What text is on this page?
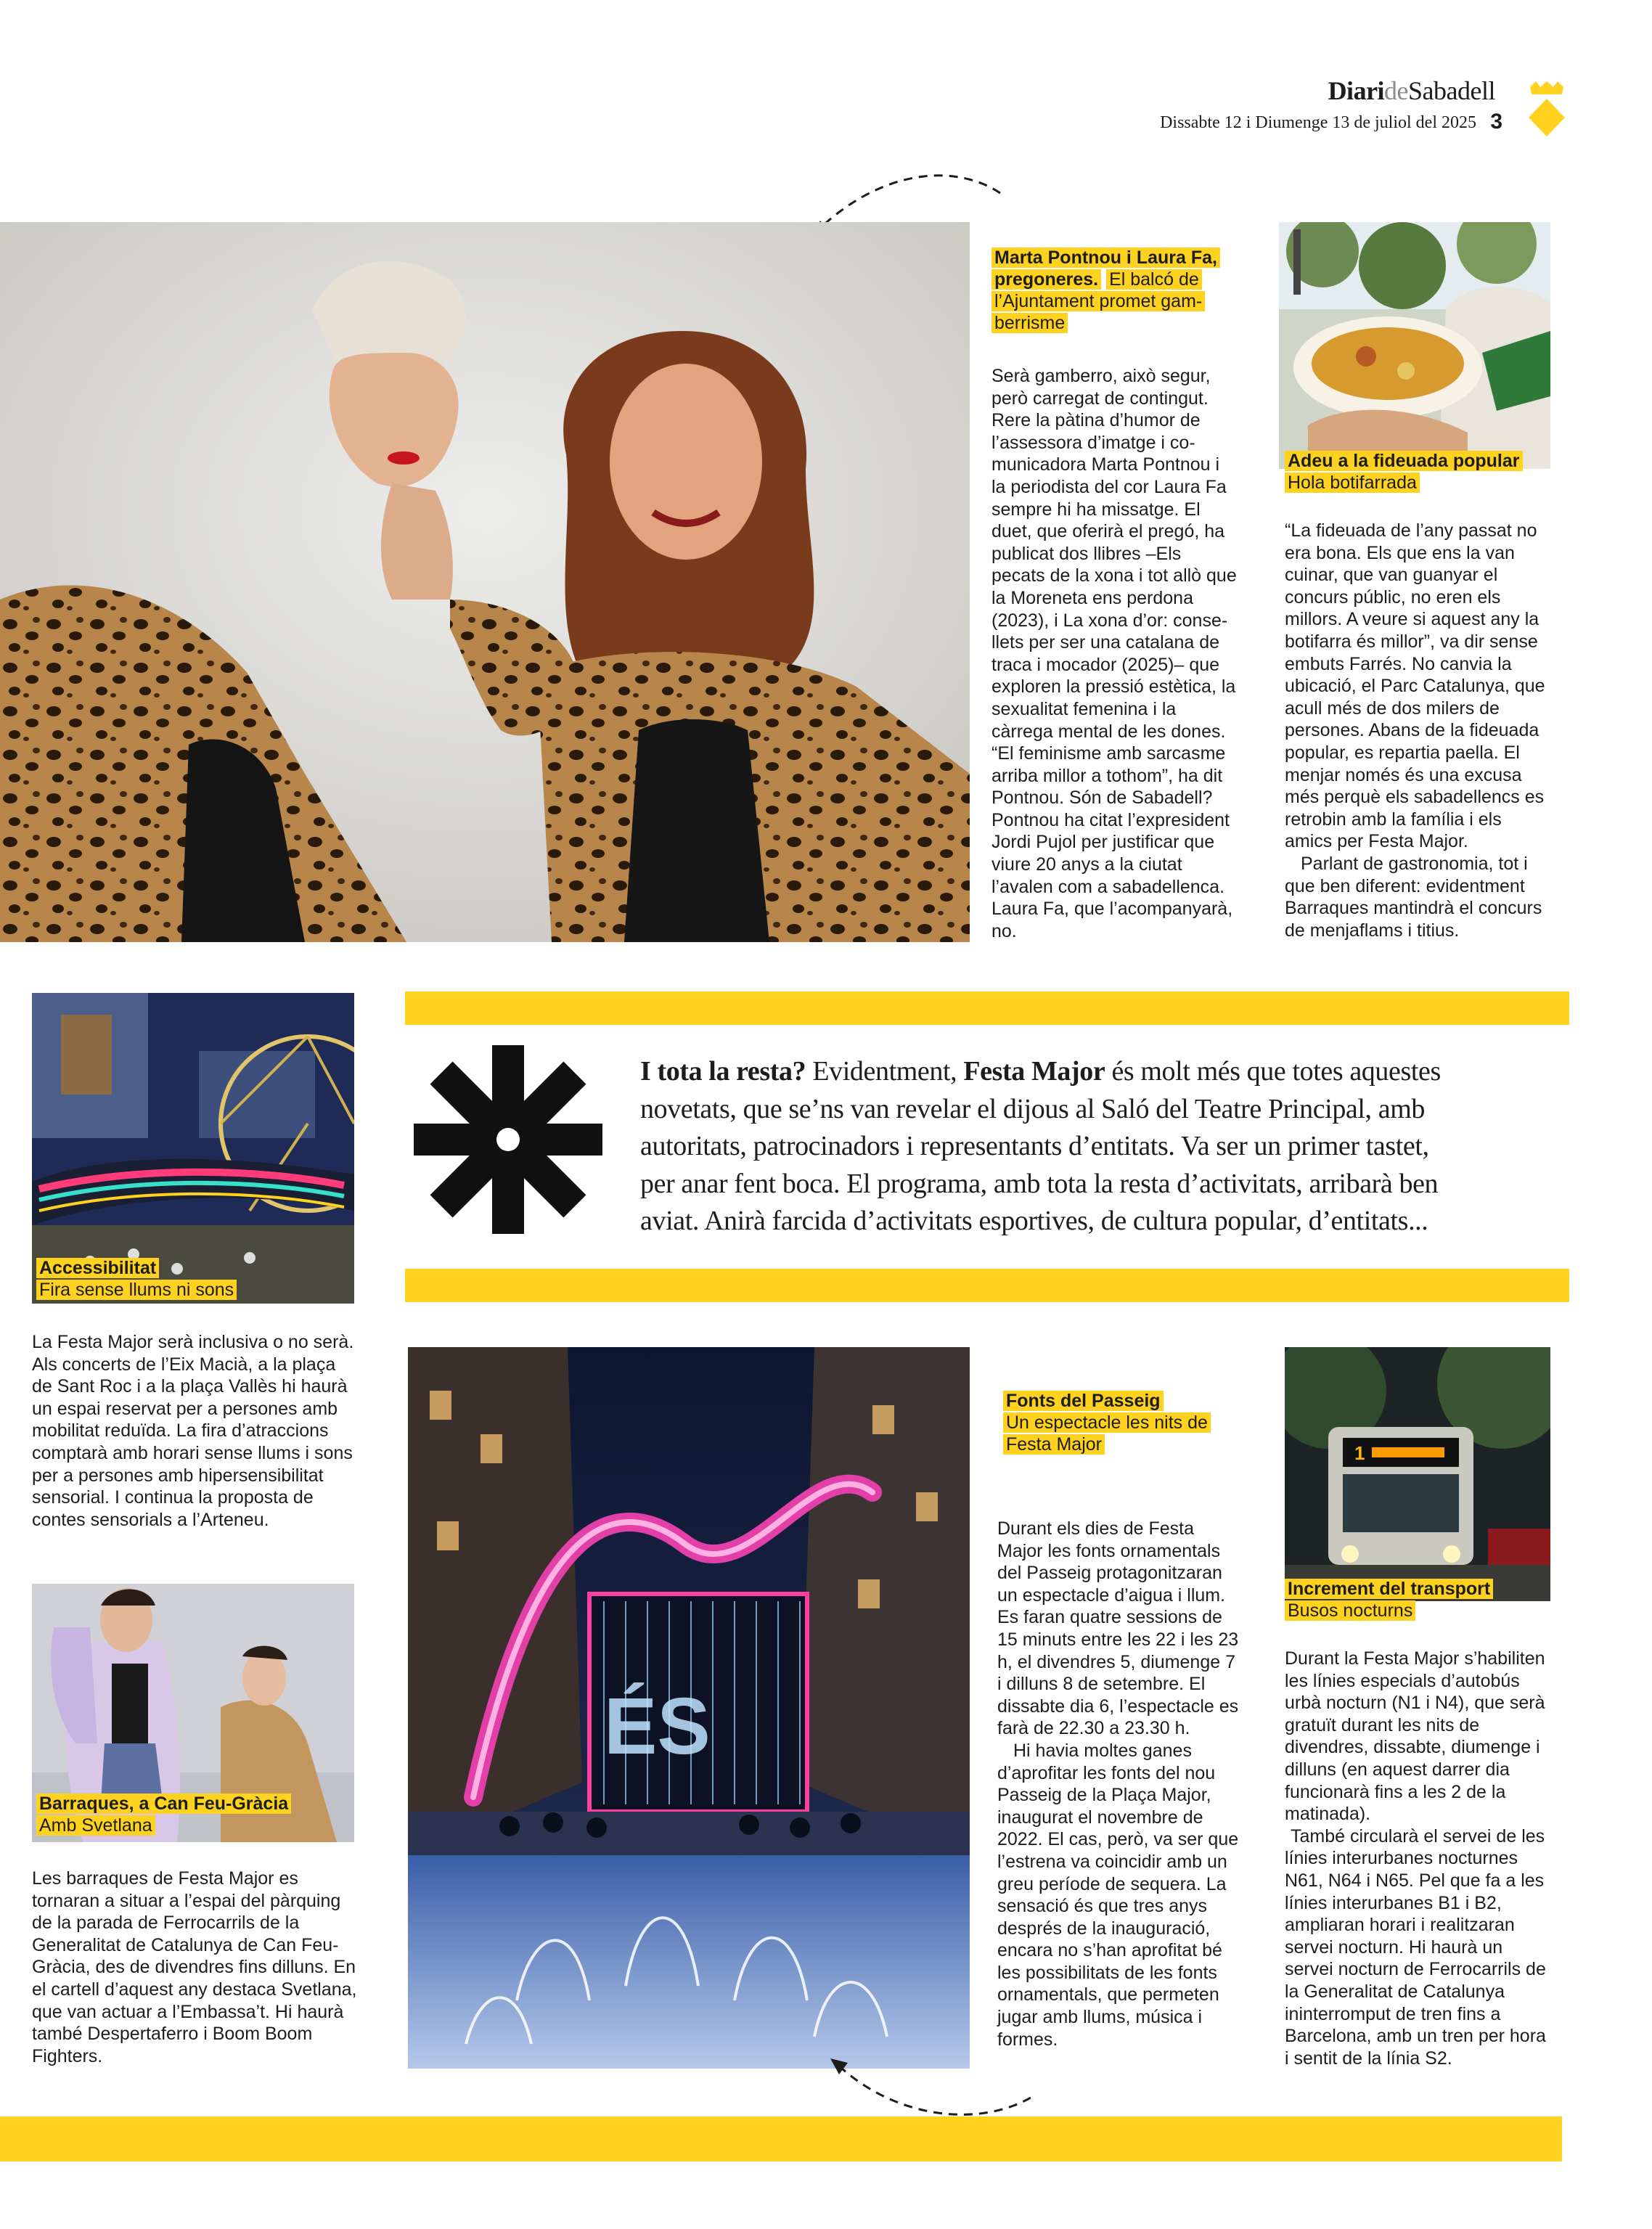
DiarideSabadell
Dissabte 12 i Diumenge 13 de juliol del 2025 3
Marta Pontnou i Laura Fa, pregoneres. El balcó de l’Ajuntament promet gamberrisme
Serà gamberro, això segur, però carregat de contingut. Rere la pàtina d’humor de l’assessora d’imatge i comunicadora Marta Pontnou i la periodista del cor Laura Fa sempre hi ha missatge. El duet, que oferirà el pregó, ha publicat dos llibres –Els pecats de la xona i tot allò que la Moreneta ens perdona (2023), i La xona d’or: consellets per ser una catalana de traca i mocador (2025)– que exploren la pressió estètica, la sexualitat femenina i la càrrega mental de les dones. “El feminisme amb sarcasme arriba millor a tothom”, ha dit Pontnou. Són de Sabadell? Pontnou ha citat l’expresident Jordi Pujol per justificar que viure 20 anys a la ciutat l’avalen com a sabadellenca. Laura Fa, que l’acompanyarà, no.
Adeu a la fideuada popular
Hola botifarrada

“La fideuada de l’any passat no era bona. Els que ens la van cuinar, que van guanyar el concurs públic, no eren els millors. A veure si aquest any la botifarra és millor”, va dir sense embuts Farrés. No canvia la ubicació, el Parc Catalunya, que acull més de dos milers de persones. Abans de la fideuada popular, es repartia paella. El menjar només és una excusa més perquè els sabadellencs es retrobin amb la família i els amics per Festa Major.

Parlant de gastronomia, tot i que ben diferent: evidentment Barraques mantindrà el concurs de menjaflams i titius.

I tota la resta? Evidentment, Festa Major és molt més que totes aquestes novetats, que se’ns van revelar el dijous al Saló del Teatre Principal, amb autoritats, patrocinadors i representants d’entitats. Va ser un primer tastet, per anar fent boca. El programa, amb tota la resta d’activitats, arribarà ben aviat. Anirà farcida d’activitats esportives, de cultura popular, d’entitats...
Accessibilitat
Fira sense llums ni sons
La Festa Major serà inclusiva o no serà. Als concerts de l’Eix Macià, a la plaça de Sant Roc i a la plaça Vallès hi haurà un espai reservat per a persones amb mobilitat reduïda. La fira d’atraccions comptarà amb horari sense llums i sons per a persones amb hipersensibilitat sensorial. I continua la proposta de contes sensorials a l’Arteneu.
Barraques, a Can Feu-Gràcia
Amb Svetlana
Les barraques de Festa Major es tornaran a situar a l’espai del pàrquing de la parada de Ferrocarrils de la Generalitat de Catalunya de Can Feu-Gràcia, des de divendres fins dilluns. En el cartell d’aquest any destaca Svetlana, que van actuar a l’Embassa’t. Hi haurà també Despertaferro i Boom Boom Fighters.
ÉS
Fonts del Passeig
Un espectacle les nits de Festa Major

Durant els dies de Festa Major les fonts ornamentals del Passeig protagonitzaran un espectacle d’aigua i llum. Es faran quatre sessions de 15 minuts entre les 22 i les 23 h, el divendres 5, diumenge 7 i dilluns 8 de setembre. El dissabte dia 6, l’espectacle es farà de 22.30 a 23.30 h.

Hi havia moltes ganes d’aprofitar les fonts del nou Passeig de la Plaça Major, inaugurat el novembre de 2022. El cas, però, va ser que l’estrena va coincidir amb un greu període de sequera. La sensació és que tres anys després de la inauguració, encara no s’han aprofitat bé les possibilitats de les fonts ornamentals, que permeten jugar amb llums, música i formes.

1
Increment del transport
Busos nocturns

Durant la Festa Major s’habiliten les línies especials d’autobús urbà nocturn (N1 i N4), que serà gratuït durant les nits de divendres, dissabte, diumenge i dilluns (en aquest darrer dia funcionarà fins a les 2 de la matinada).

També circularà el servei de les línies interurbanes nocturnes N61, N64 i N65. Pel que fa a les línies interurbanes B1 i B2, ampliaran horari i realitzaran servei nocturn. Hi haurà un servei nocturn de Ferrocarrils de la Generalitat de Catalunya ininterromput de tren fins a Barcelona, amb un tren per hora i sentit de la línia S2.
